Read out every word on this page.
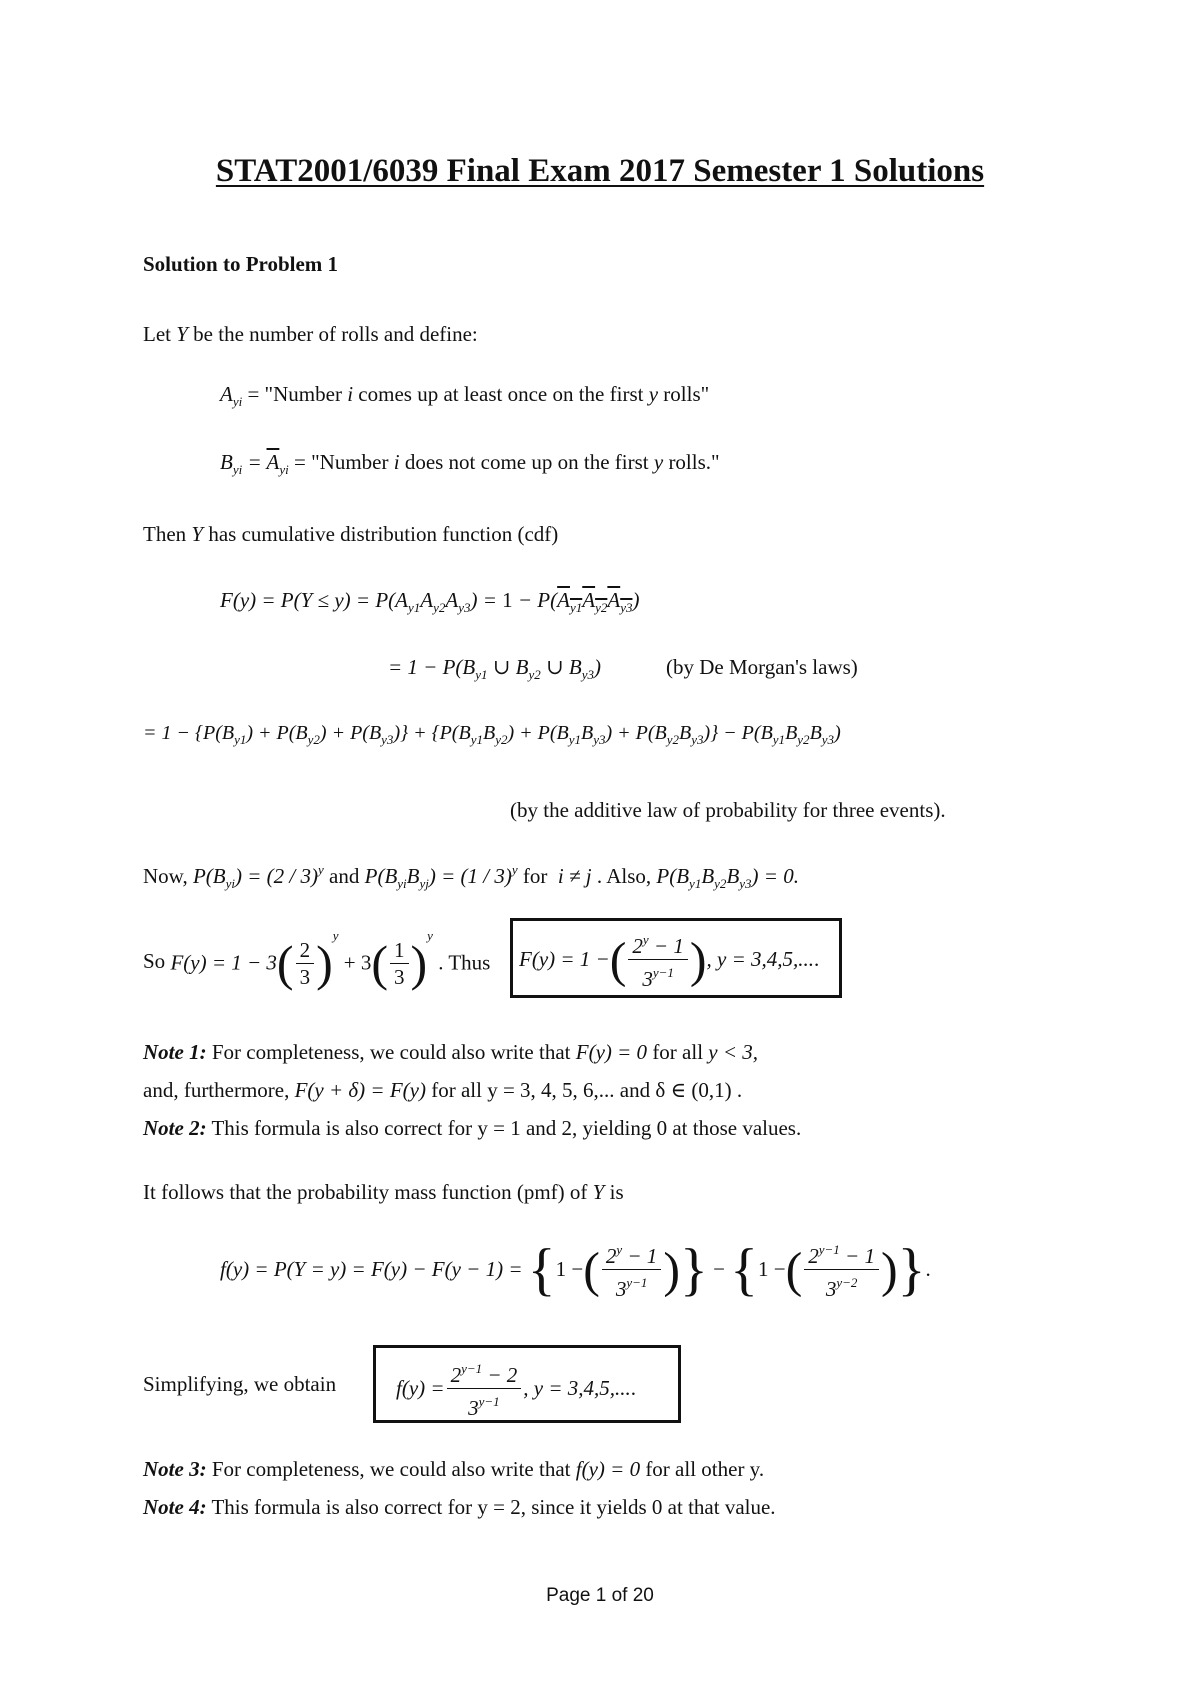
STAT2001/6039 Final Exam 2017 Semester 1 Solutions
Solution to Problem 1
Let Y be the number of rolls and define:
$A_{yi}$ = "Number i comes up at least once on the first y rolls"
$B_{yi} = \overline{A}_{yi}$ = "Number i does not come up on the first y rolls."
Then Y has cumulative distribution function (cdf)
$F(y) = P(Y \le y) = P(A_{y1}A_{y2}A_{y3}) = 1 - P(A_{y1}A_{y2}A_{y3})$
= $1 - P(B_{y1}$ ∪ $B_{y2}$ ∪ $B_{y3}$)	(by De Morgan's laws)
= $1 - \{P(B_{y1}) + P(B_{y2}) + P(B_{y3})\} + \{P(B_{y1}B_{y2}) + P(B_{y1}B_{y3}) + P(B_{y2}B_{y3})\} - P(B_{y1}B_{y2}B_{y3})$
(by the additive law of probability for three events).
Now, $P(B_{yi}) = (2 / 3)^y$ and $P(B_{yi}B_{yj}) = (1 / 3)^y$ for  i ≠ j . Also, $P(B_{y1}B_{y2}B_{y3}) = 0$.
So $F(y) = 1 - 3( \frac{2}{3} )^y + 3( \frac{1}{3} )^y$ . Thus F(y) = 1 −( $\frac{2^y - 1}{3^{y-1}}$ ), y = 3,4,5,....
Note 1: For completeness, we could also write that F(y) = 0 for all y < 3,
and, furthermore, F(y + δ) = F(y) for all y = 3, 4, 5, 6,... and δ ∈ (0,1) .
Note 2: This formula is also correct for y = 1 and 2, yielding 0 at those values.
It follows that the probability mass function (pmf) of Y is
f(y) = P(Y = y) = F(y) − F(y − 1) = {1 −( $\frac{2^y - 1}{3^{y-1}}$ )} − {1 −( $\frac{2^{y-1} - 1}{3^{y-2}}$ )}.
Simplifying, we obtain	$f(y) = \frac{2^{y-1} - 2}{3^{y-1}}$ , y = 3,4,5,....
Note 3: For completeness, we could also write that f(y) = 0 for all other y.
Note 4: This formula is also correct for y = 2, since it yields 0 at that value.
Page 1 of 20
